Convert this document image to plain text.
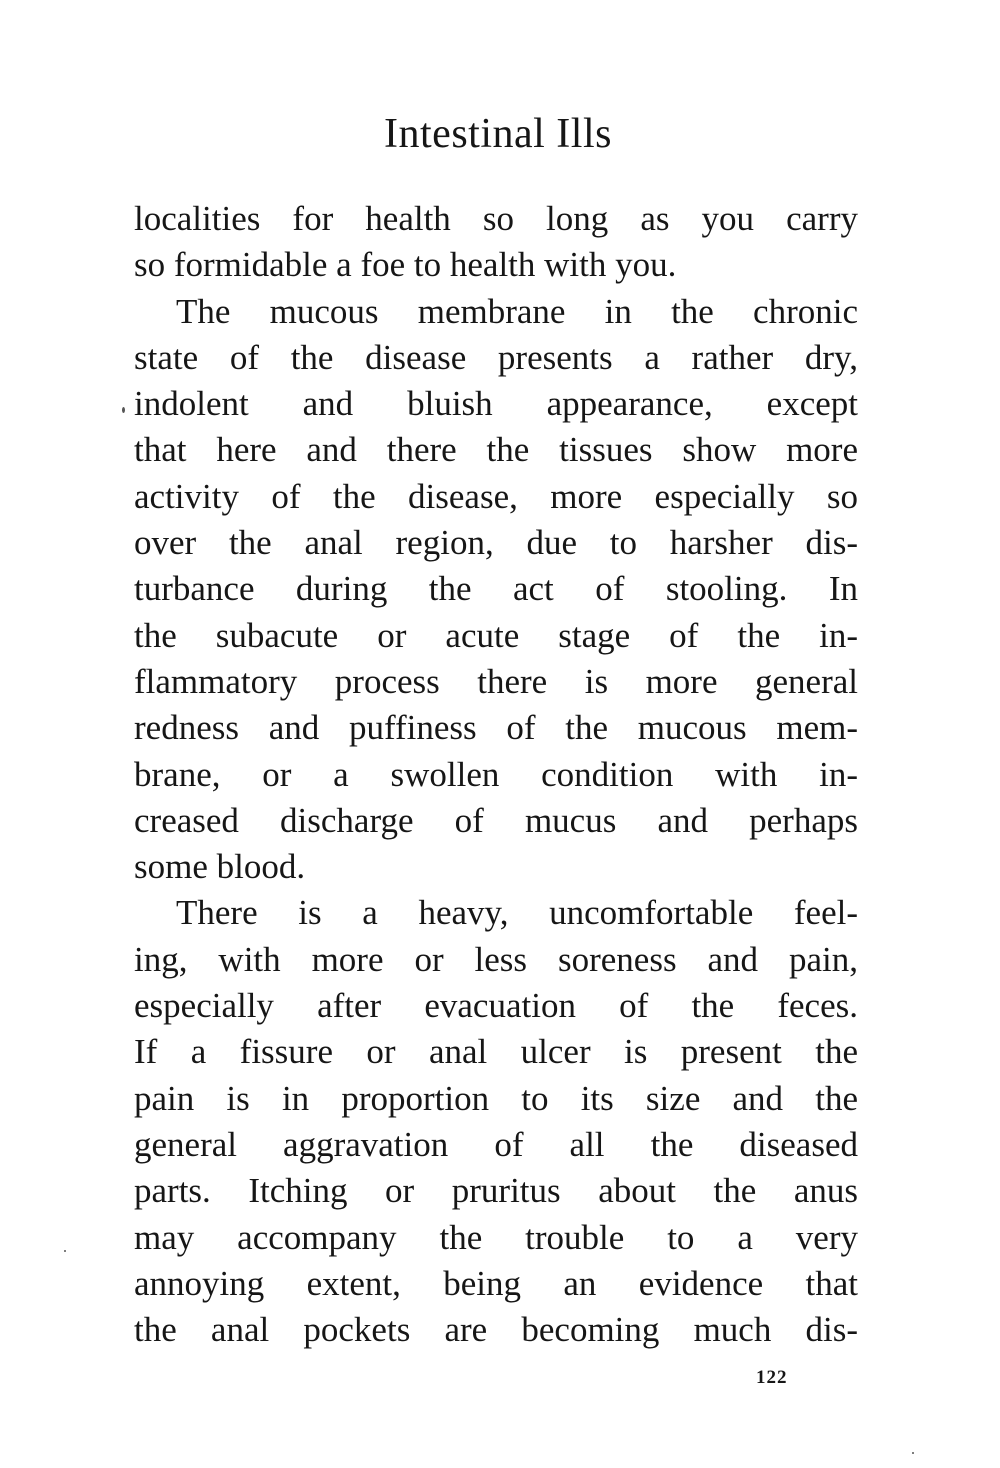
Intestinal Ills
localities for health so long as you carry
so formidable a foe to health with you.
The mucous membrane in the chronic
state of the disease presents a rather dry,
indolent and bluish appearance, except
that here and there the tissues show more
activity of the disease, more especially so
over the anal region, due to harsher dis-
turbance during the act of stooling. In
the subacute or acute stage of the in-
flammatory process there is more general
redness and puffiness of the mucous mem-
brane, or a swollen condition with in-
creased discharge of mucus and perhaps
some blood.
There is a heavy, uncomfortable feel-
ing, with more or less soreness and pain,
especially after evacuation of the feces.
If a fissure or anal ulcer is present the
pain is in proportion to its size and the
general aggravation of all the diseased
parts. Itching or pruritus about the anus
may accompany the trouble to a very
annoying extent, being an evidence that
the anal pockets are becoming much dis-
122
